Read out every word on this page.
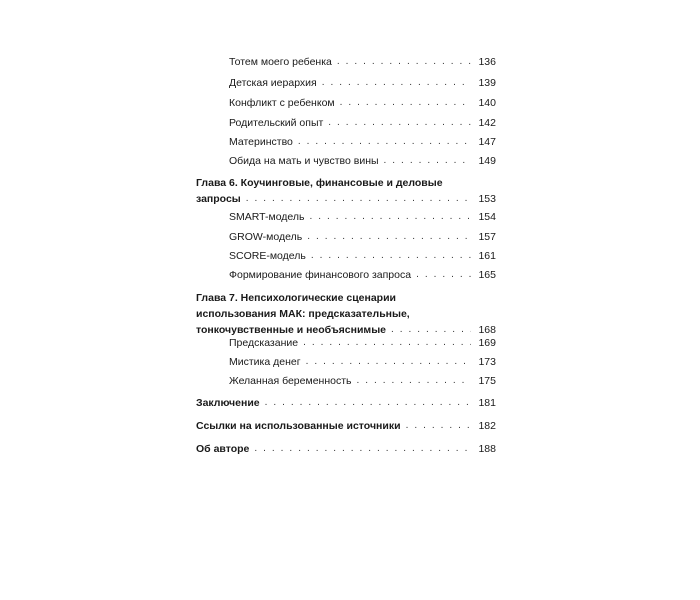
Тотем моего ребенка . . .	136
Детская иерархия . . .	139
Конфликт с ребенком . . .	140
Родительский опыт . . .	142
Материнство . . .	147
Обида на мать и чувство вины . . .	149
Глава 6. Коучинговые, финансовые и деловые
запросы . . .	153
SMART-модель . . .	154
GROW-модель . . .	157
SCORE-модель . . .	161
Формирование финансового запроса . . .	165
Глава 7. Непсихологические сценарии
использования МАК: предсказательные,
тонкочувственные и необъяснимые . . .	168
Предсказание . . .	169
Мистика денег . . .	173
Желанная беременность . . .	175
Заключение . . .	181
Ссылки на использованные источники . . .	182
Об авторе . . .	188
